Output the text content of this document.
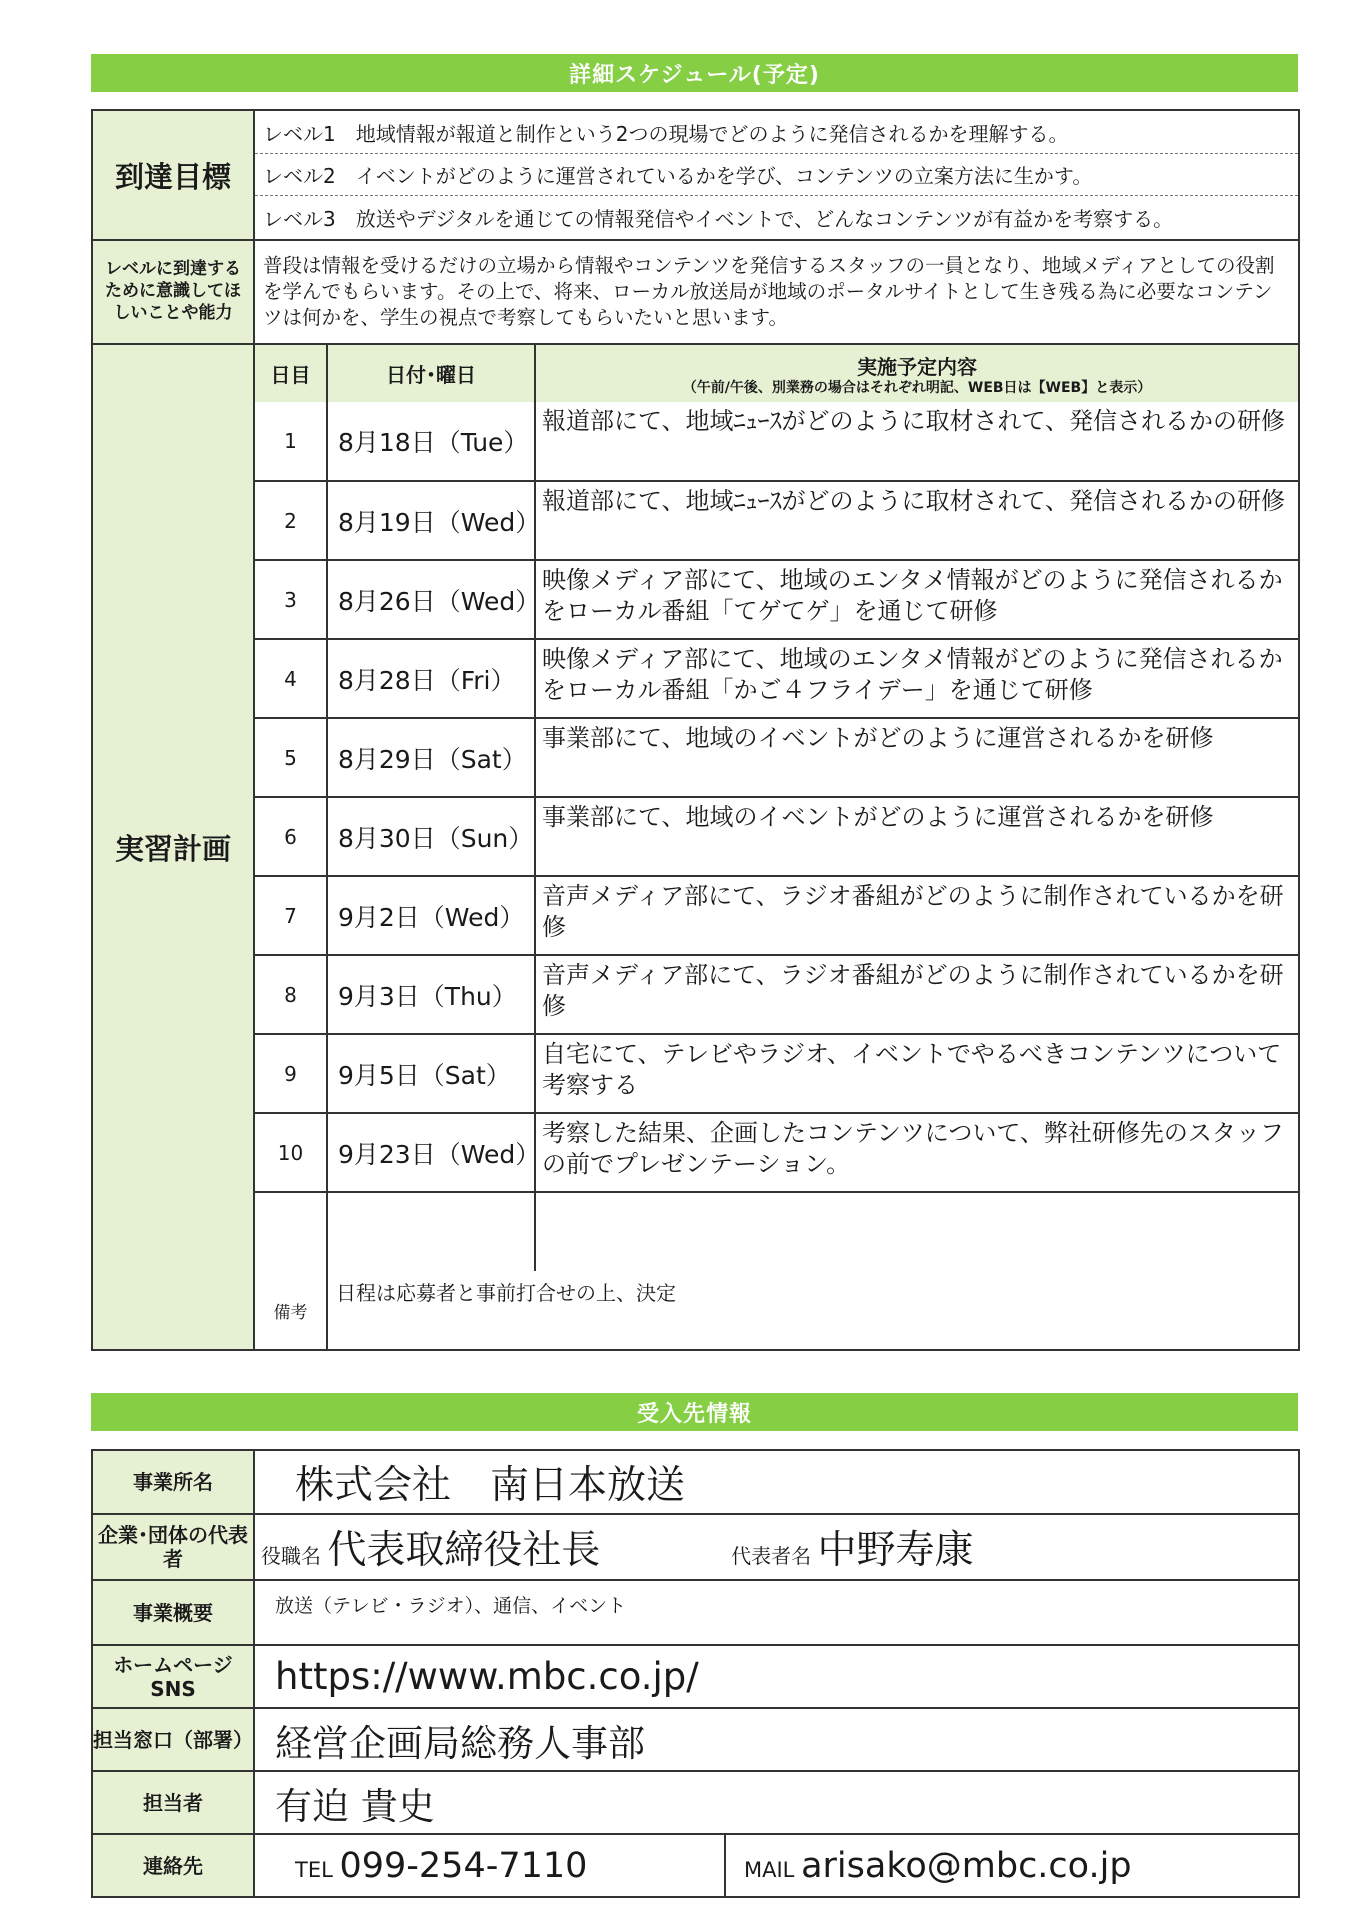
詳細スケジュール(予定)
到達目標	
レベル1　地域情報が報道と制作という2つの現場でどのように発信されるかを理解する。
レベル2　イベントがどのように運営されているかを学び、コンテンツの立案方法に生かす。
レベル3　放送やデジタルを通じての情報発信やイベントで、どんなコンテンツが有益かを考察する。

レベルに到達するために意識してほしいことや能力	普段は情報を受けるだけの立場から情報やコンテンツを発信するスタッフの一員となり、地域メディアとしての役割を学んでもらいます。その上で、将来、ローカル放送局が地域のポータルサイトとして生き残る為に必要なコンテンツは何かを、学生の視点で考察してもらいたいと思います。
実習計画	
日目	日付･曜日	実施予定内容
（午前/午後、別業務の場合はそれぞれ明記、WEB日は【WEB】と表示）

1	8月18日（Tue）	報道部にて、地域ﾆｭｰｽがどのように取材されて、発信されるかの研修
2	8月19日（Wed）	報道部にて、地域ﾆｭｰｽがどのように取材されて、発信されるかの研修
3	8月26日（Wed）	映像メディア部にて、地域のエンタメ情報がどのように発信されるかをローカル番組「てゲてゲ」を通じて研修
4	8月28日（Fri）	映像メディア部にて、地域のエンタメ情報がどのように発信されるかをローカル番組「かご４フライデー」を通じて研修
5	8月29日（Sat）	事業部にて、地域のイベントがどのように運営されるかを研修
6	8月30日（Sun）	事業部にて、地域のイベントがどのように運営されるかを研修
7	9月2日（Wed）	音声メディア部にて、ラジオ番組がどのように制作されているかを研修
8	9月3日（Thu）	音声メディア部にて、ラジオ番組がどのように制作されているかを研修
9	9月5日（Sat）	自宅にて、テレビやラジオ、イベントでやるべきコンテンツについて考察する
10	9月23日（Wed）	考察した結果、企画したコンテンツについて、弊社研修先のスタッフの前でプレゼンテーション。

備考	日程は応募者と事前打合せの上、決定
受入先情報
事業所名	株式会社　南日本放送	
企業･団体の代表者	役職名 代表取締役社長 代表者名 中野寿康	
事業概要	放送（テレビ・ラジオ）、通信、イベント	
ホームページSNS	https://www.mbc.co.jp/	
担当窓口（部署）	経営企画局総務人事部	
担当者	有迫 貴史	
連絡先	TEL 099-254-7110	MAIL arisako@mbc.co.jp
